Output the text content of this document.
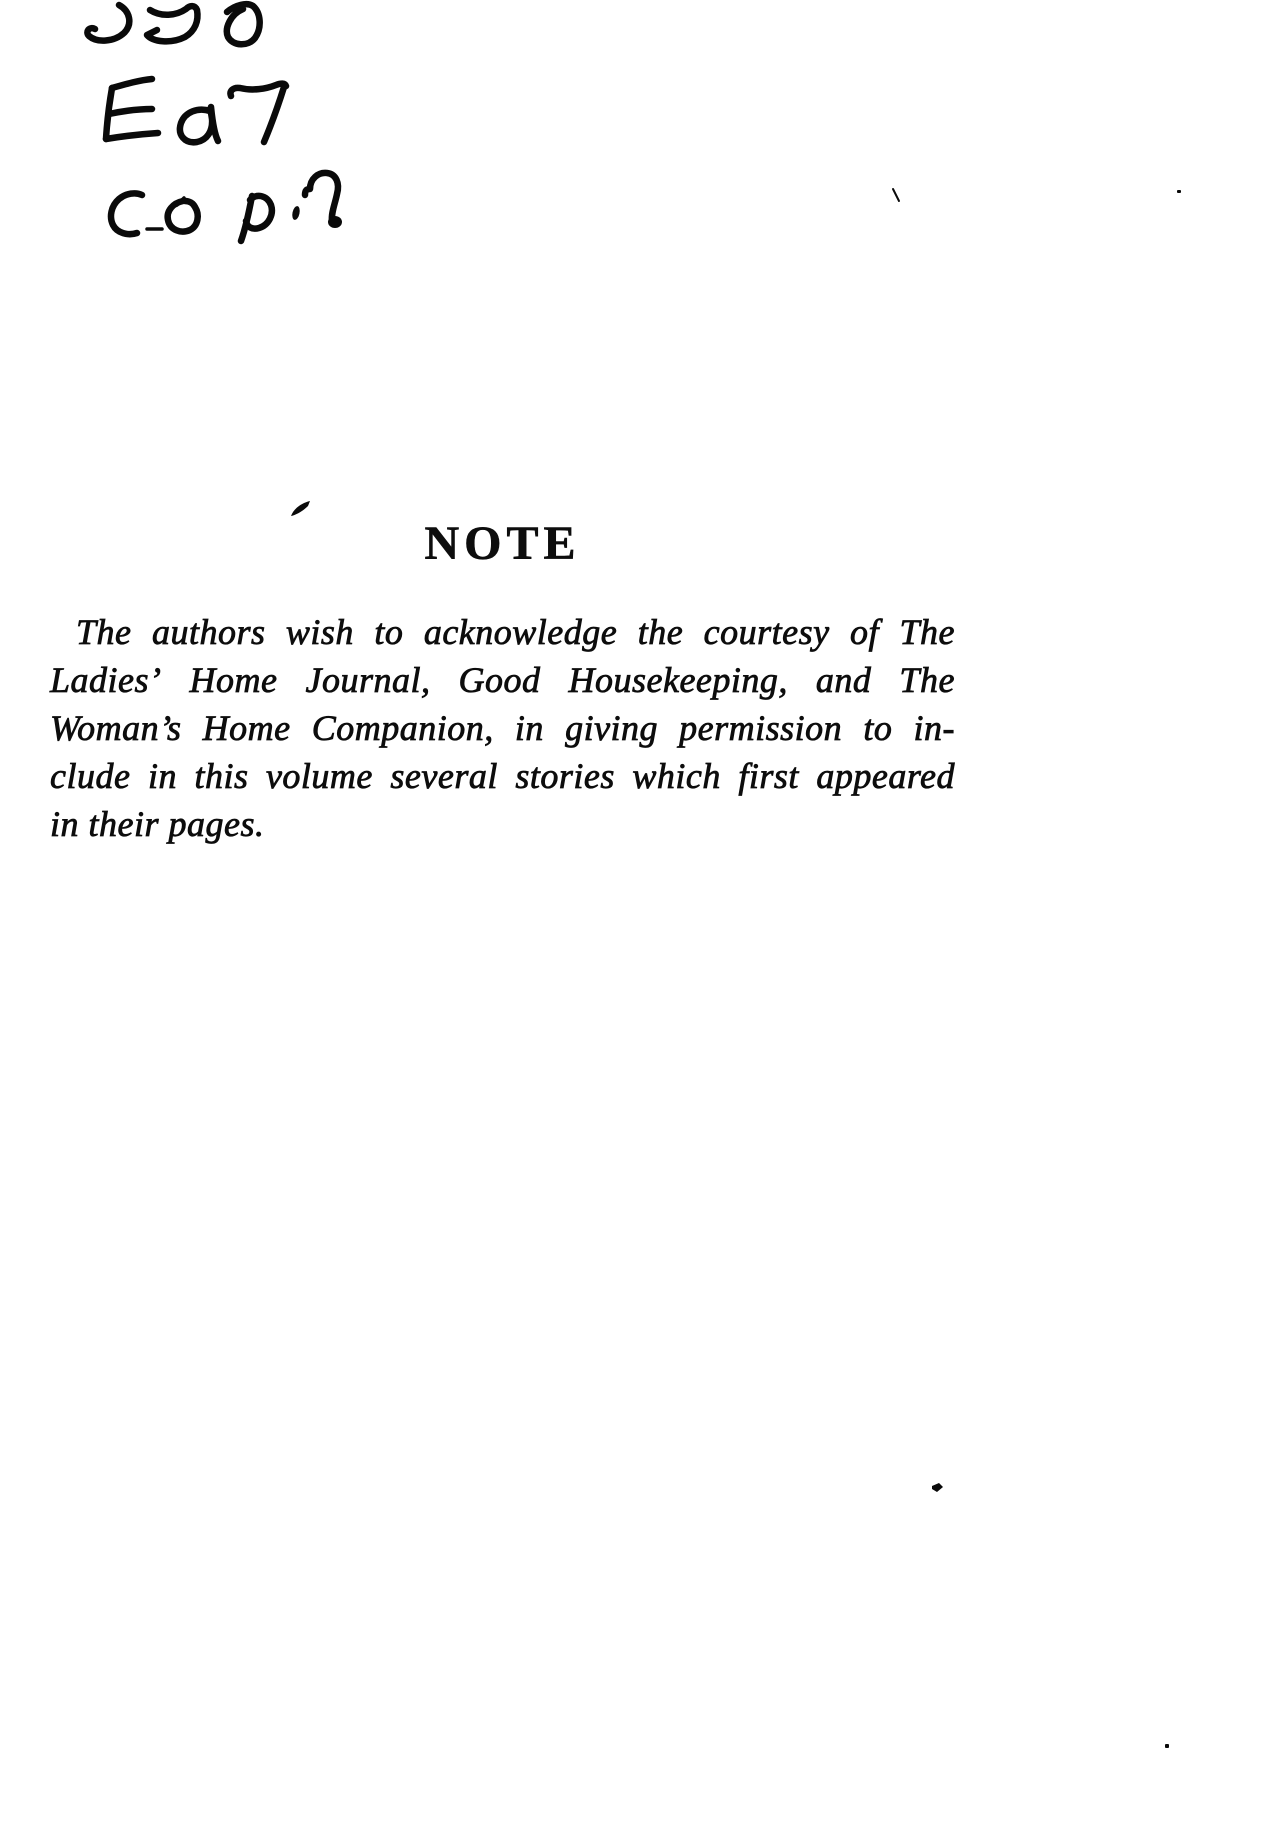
NOTE
The authors wish to acknowledge the courtesy of The
Ladies’ Home Journal, Good Housekeeping, and The
Woman’s Home Companion, in giving permission to in-
clude in this volume several stories which first appeared
in their pages.
